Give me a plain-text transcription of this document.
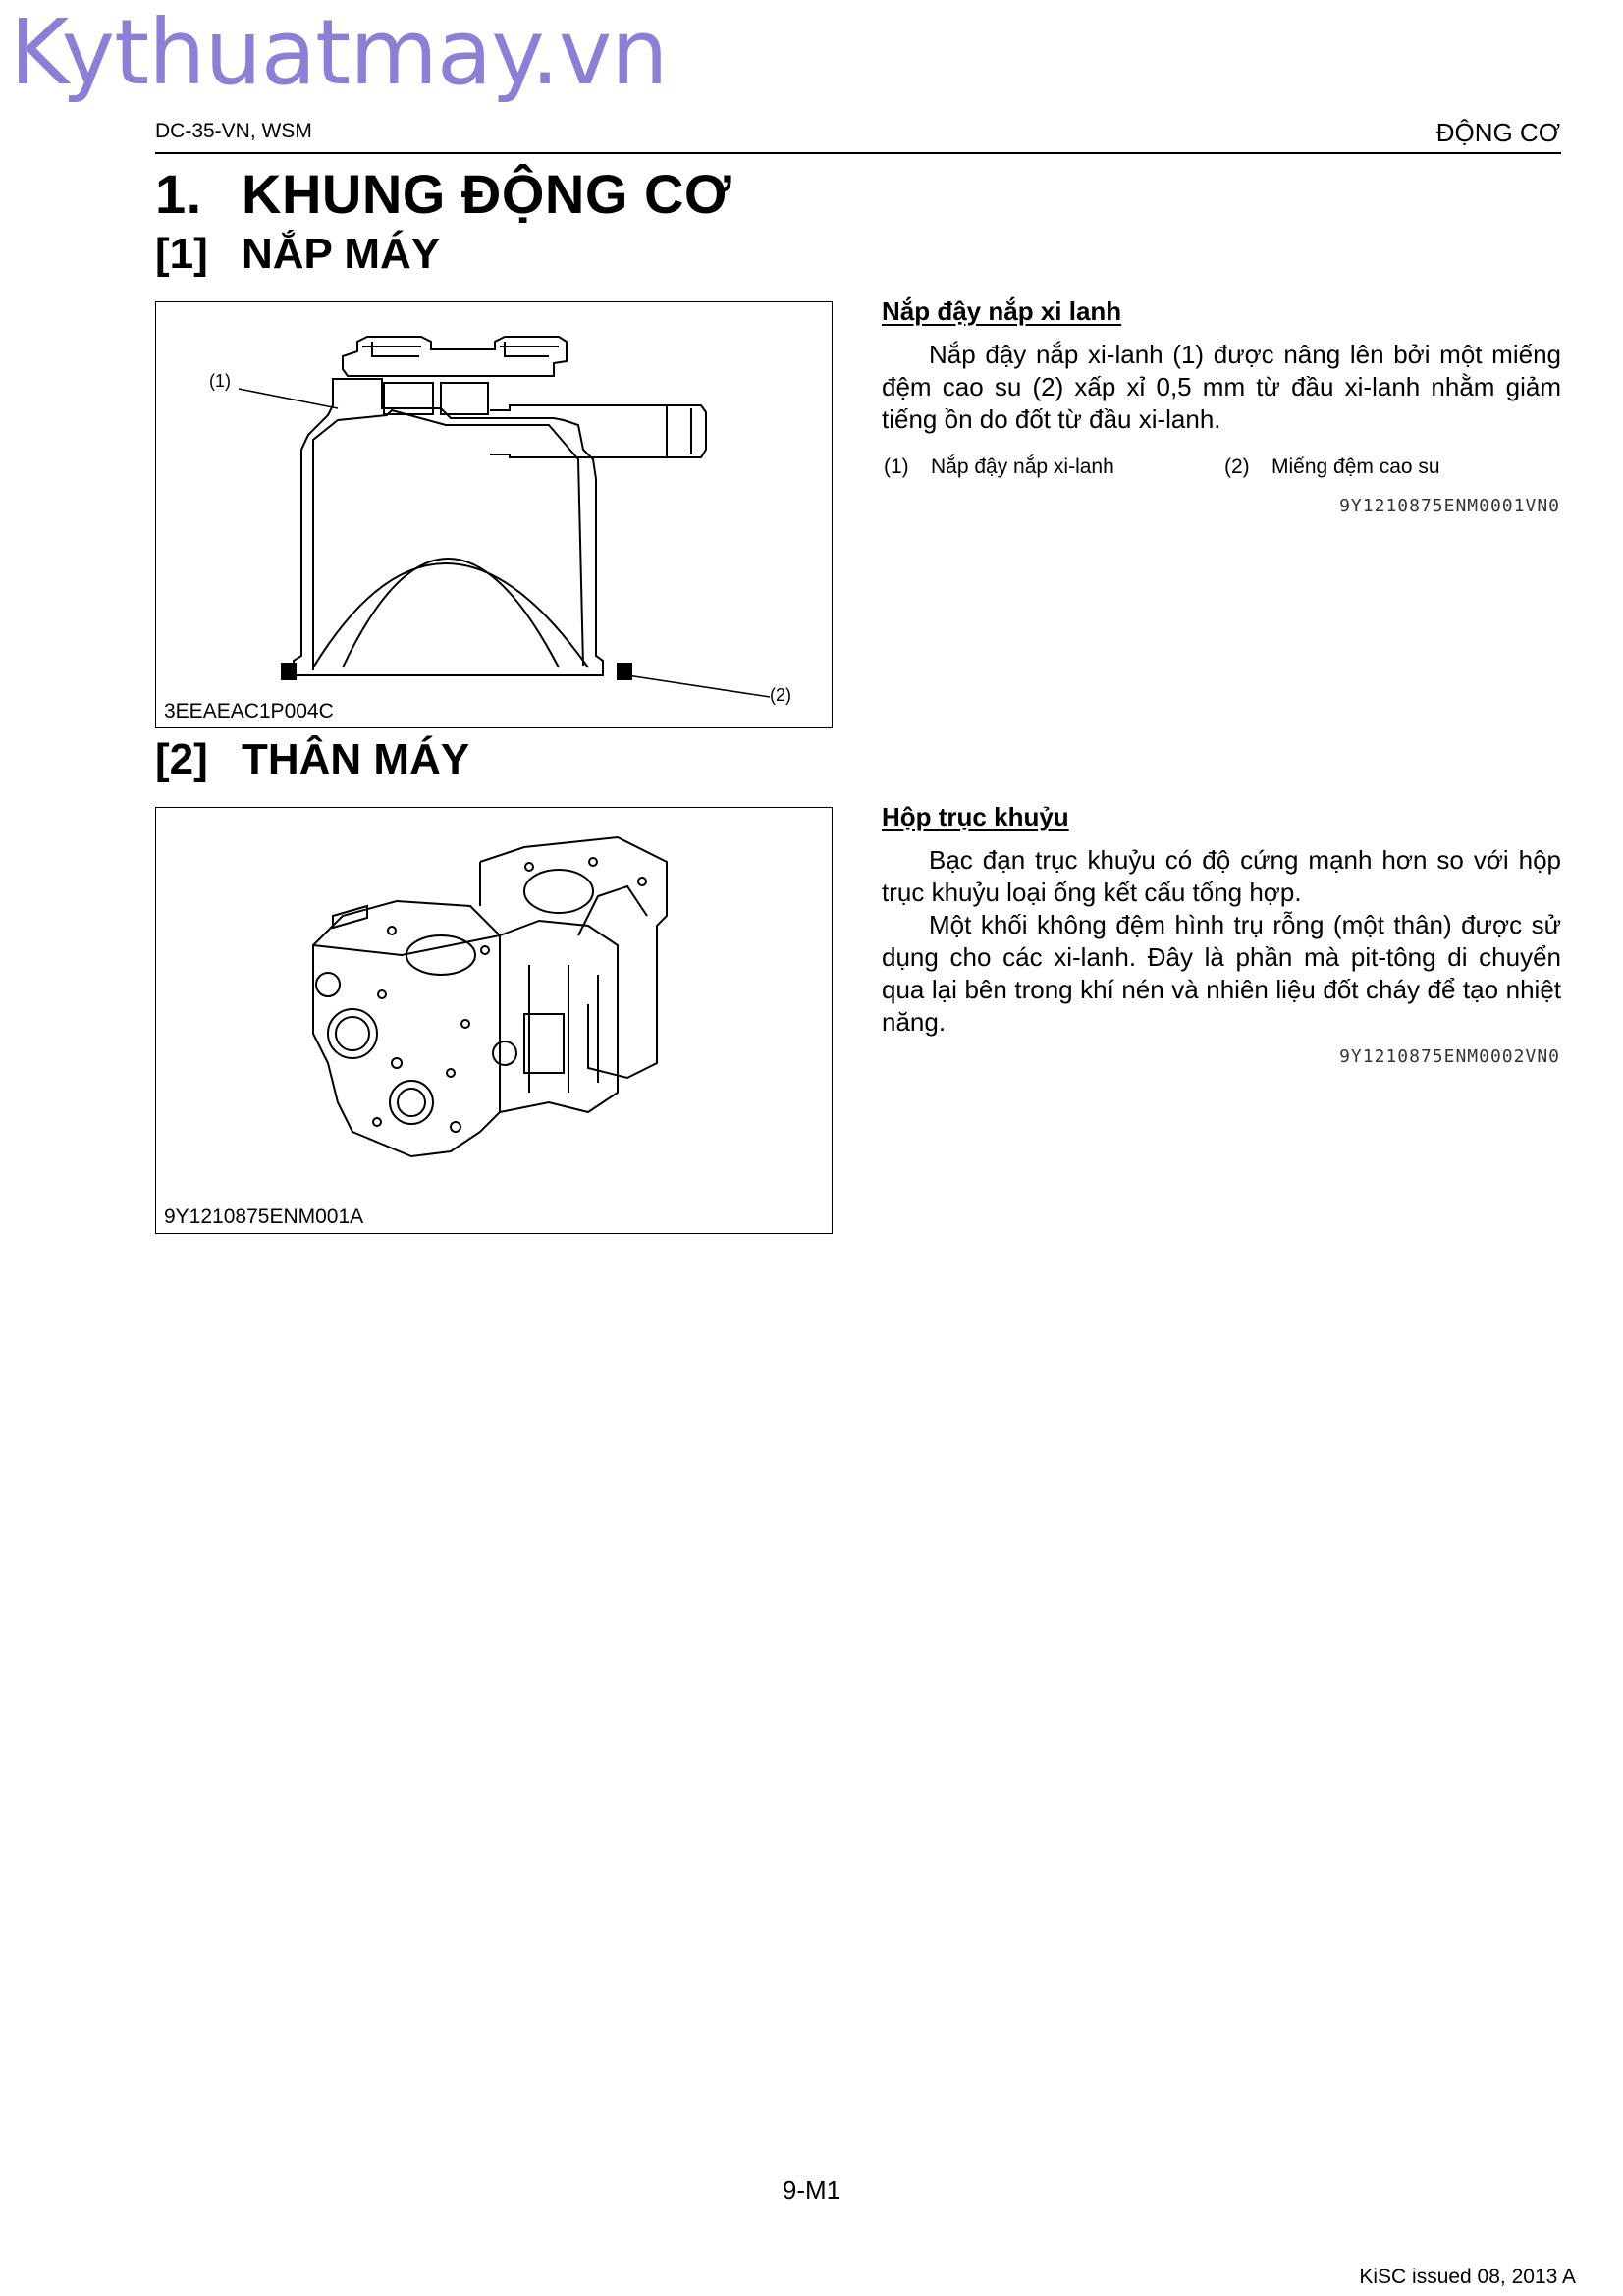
Kythuatmay.vn
DC-35-VN, WSM	ĐỘNG CƠ
1. KHUNG ĐỘNG CƠ
[1] NẮP MÁY
(1)
(2)
3EEAEAC1P004C
Nắp đậy nắp xi lanh

Nắp đậy nắp xi-lanh (1) được nâng lên bởi một miếng đệm cao su (2) xấp xỉ 0,5 mm từ đầu xi-lanh nhằm giảm tiếng ồn do đốt từ đầu xi-lanh.

(1) Nắp đậy nắp xi-lanh	(2) Miếng đệm cao su
9Y1210875ENM0001VN0
[2] THÂN MÁY
9Y1210875ENM001A
Hộp trục khuỷu

Bạc đạn trục khuỷu có độ cứng mạnh hơn so với hộp trục khuỷu loại ống kết cấu tổng hợp.

Một khối không đệm hình trụ rỗng (một thân) được sử dụng cho các xi-lanh. Đây là phần mà pit-tông di chuyển qua lại bên trong khí nén và nhiên liệu đốt cháy để tạo nhiệt năng.

9Y1210875ENM0002VN0
9-M1
KiSC issued 08, 2013 A
